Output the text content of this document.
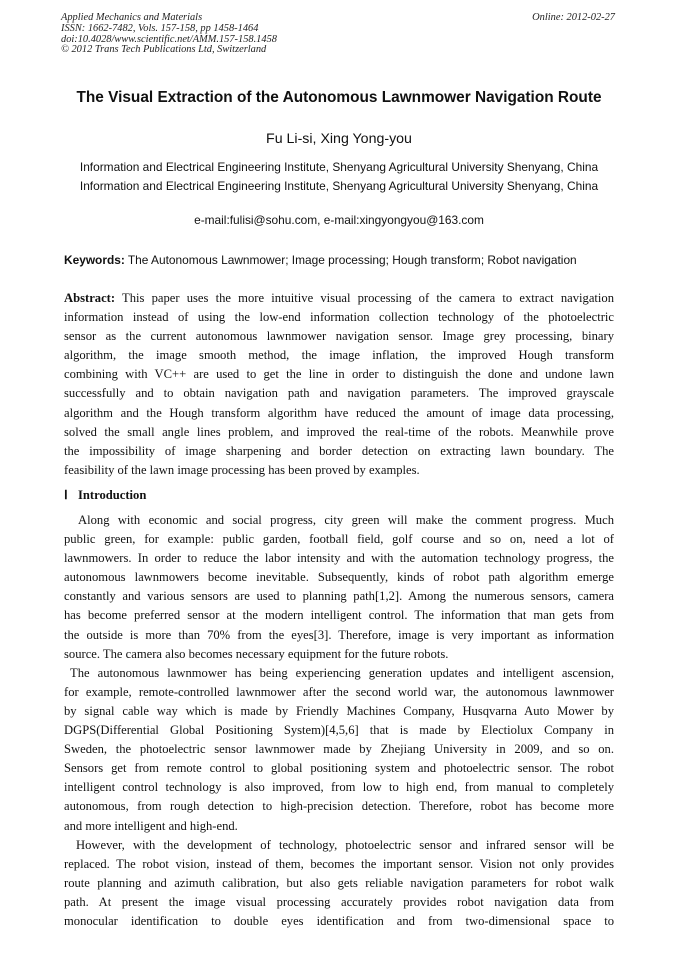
Applied Mechanics and Materials
ISSN: 1662-7482, Vols. 157-158, pp 1458-1464
doi:10.4028/www.scientific.net/AMM.157-158.1458
© 2012 Trans Tech Publications Ltd, Switzerland
Online: 2012-02-27
The Visual Extraction of the Autonomous Lawnmower Navigation Route
Fu Li-si, Xing Yong-you
Information and Electrical Engineering Institute, Shenyang Agricultural University Shenyang, China
Information and Electrical Engineering Institute, Shenyang Agricultural University Shenyang, China
e-mail:fulisi@sohu.com, e-mail:xingyongyou@163.com
Keywords: The Autonomous Lawnmower; Image processing; Hough transform; Robot navigation
Abstract: This paper uses the more intuitive visual processing of the camera to extract navigation
information instead of using the low-end information collection technology of the photoelectric
sensor as the current autonomous lawnmower navigation sensor. Image grey processing, binary
algorithm, the image smooth method, the image inflation, the improved Hough transform
combining with VC++ are used to get the line in order to distinguish the done and undone lawn
successfully and to obtain navigation path and navigation parameters. The improved grayscale
algorithm and the Hough transform algorithm have reduced the amount of image data processing,
solved the small angle lines problem, and improved the real-time of the robots. Meanwhile prove
the impossibility of image sharpening and border detection on extracting lawn boundary. The
feasibility of the lawn image processing has been proved by examples.
Ⅰ Introduction

Along with economic and social progress, city green will make the comment progress. Much
public green, for example: public garden, football field, golf course and so on, need a lot of
lawnmowers. In order to reduce the labor intensity and with the automation technology progress, the
autonomous lawnmowers become inevitable. Subsequently, kinds of robot path algorithm emerge
constantly and various sensors are used to planning path[1,2]. Among the numerous sensors, camera
has become preferred sensor at the modern intelligent control. The information that man gets from
the outside is more than 70% from the eyes[3]. Therefore, image is very important as information
source. The camera also becomes necessary equipment for the future robots.

The autonomous lawnmower has being experiencing generation updates and intelligent ascension,
for example, remote-controlled lawnmower after the second world war, the autonomous lawnmower
by signal cable way which is made by Friendly Machines Company, Husqvarna Auto Mower by
DGPS(Differential Global Positioning System)[4,5,6] that is made by Electiolux Company in
Sweden, the photoelectric sensor lawnmower made by Zhejiang University in 2009, and so on.
Sensors get from remote control to global positioning system and photoelectric sensor. The robot
intelligent control technology is also improved, from low to high end, from manual to completely
autonomous, from rough detection to high-precision detection. Therefore, robot has become more
and more intelligent and high-end.

However, with the development of technology, photoelectric sensor and infrared sensor will be
replaced. The robot vision, instead of them, becomes the important sensor. Vision not only provides
route planning and azimuth calibration, but also gets reliable navigation parameters for robot walk
path. At present the image visual processing accurately provides robot navigation data from
monocular identification to double eyes identification and from two-dimensional space to
